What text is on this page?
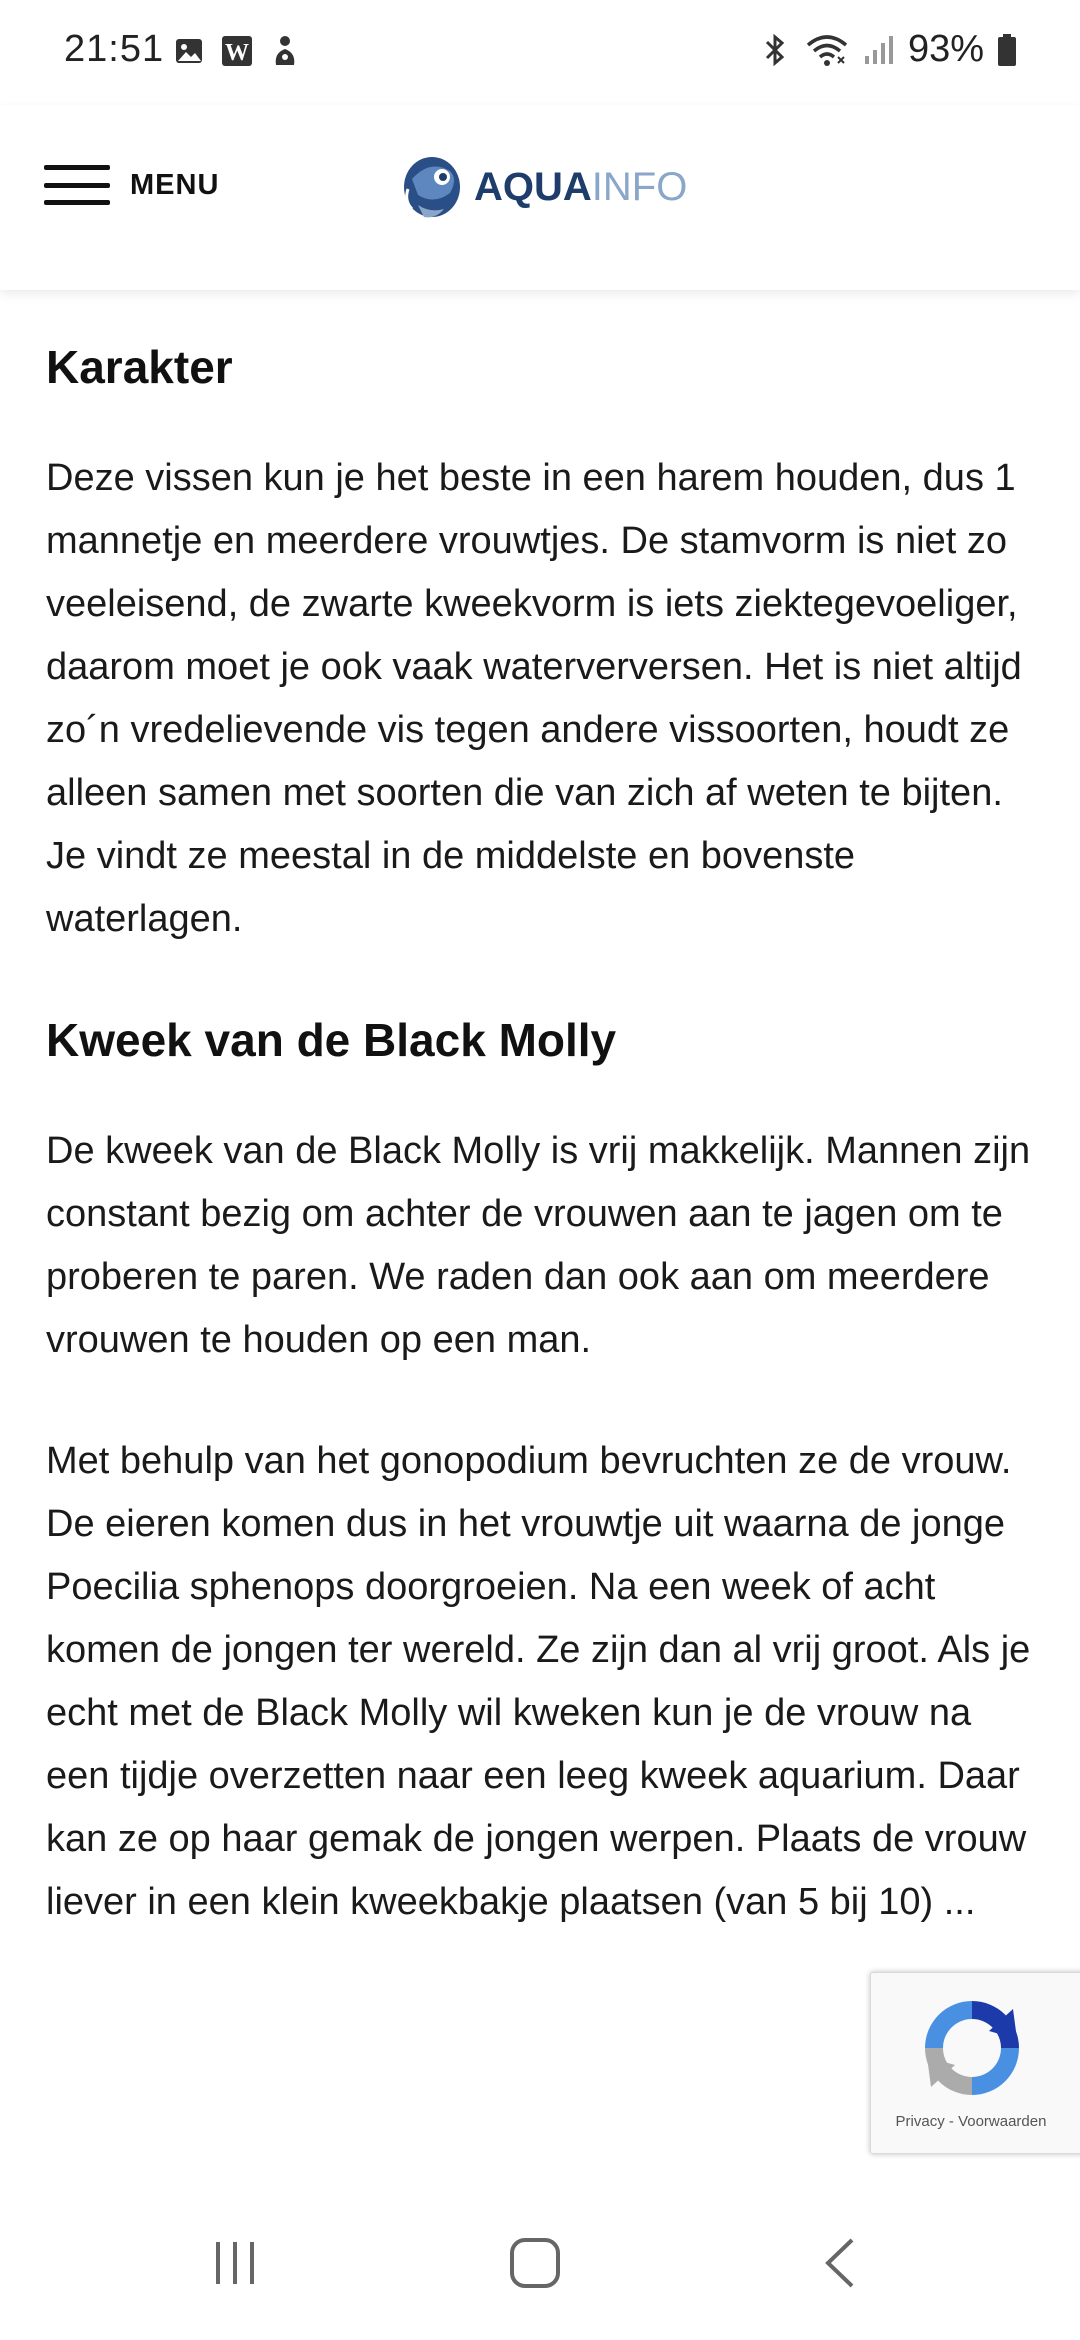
21:51	W	93%
MENU	AQUAINFO
Karakter

Deze vissen kun je het beste in een harem houden, dus 1 mannetje en meerdere vrouwtjes. De stamvorm is niet zo veeleisend, de zwarte kweekvorm is iets ziektegevoeliger, daarom moet je ook vaak waterverversen. Het is niet altijd zo´n vredelievende vis tegen andere vissoorten, houdt ze alleen samen met soorten die van zich af weten te bijten. Je vindt ze meestal in de middelste en bovenste waterlagen.

Kweek van de Black Molly

De kweek van de Black Molly is vrij makkelijk. Mannen zijn constant bezig om achter de vrouwen aan te jagen om te proberen te paren. We raden dan ook aan om meerdere vrouwen te houden op een man.

Met behulp van het gonopodium bevruchten ze de vrouw. De eieren komen dus in het vrouwtje uit waarna de jonge Poecilia sphenops doorgroeien. Na een week of acht komen de jongen ter wereld. Ze zijn dan al vrij groot. Als je echt met de Black Molly wil kweken kun je de vrouw na een tijdje overzetten naar een leeg kweek aquarium. Daar kan ze op haar gemak de jongen werpen. Plaats de vrouw liever in een klein kweekbakje plaatsen (van 5 bij 10) ...

Privacy - Voorwaarden
